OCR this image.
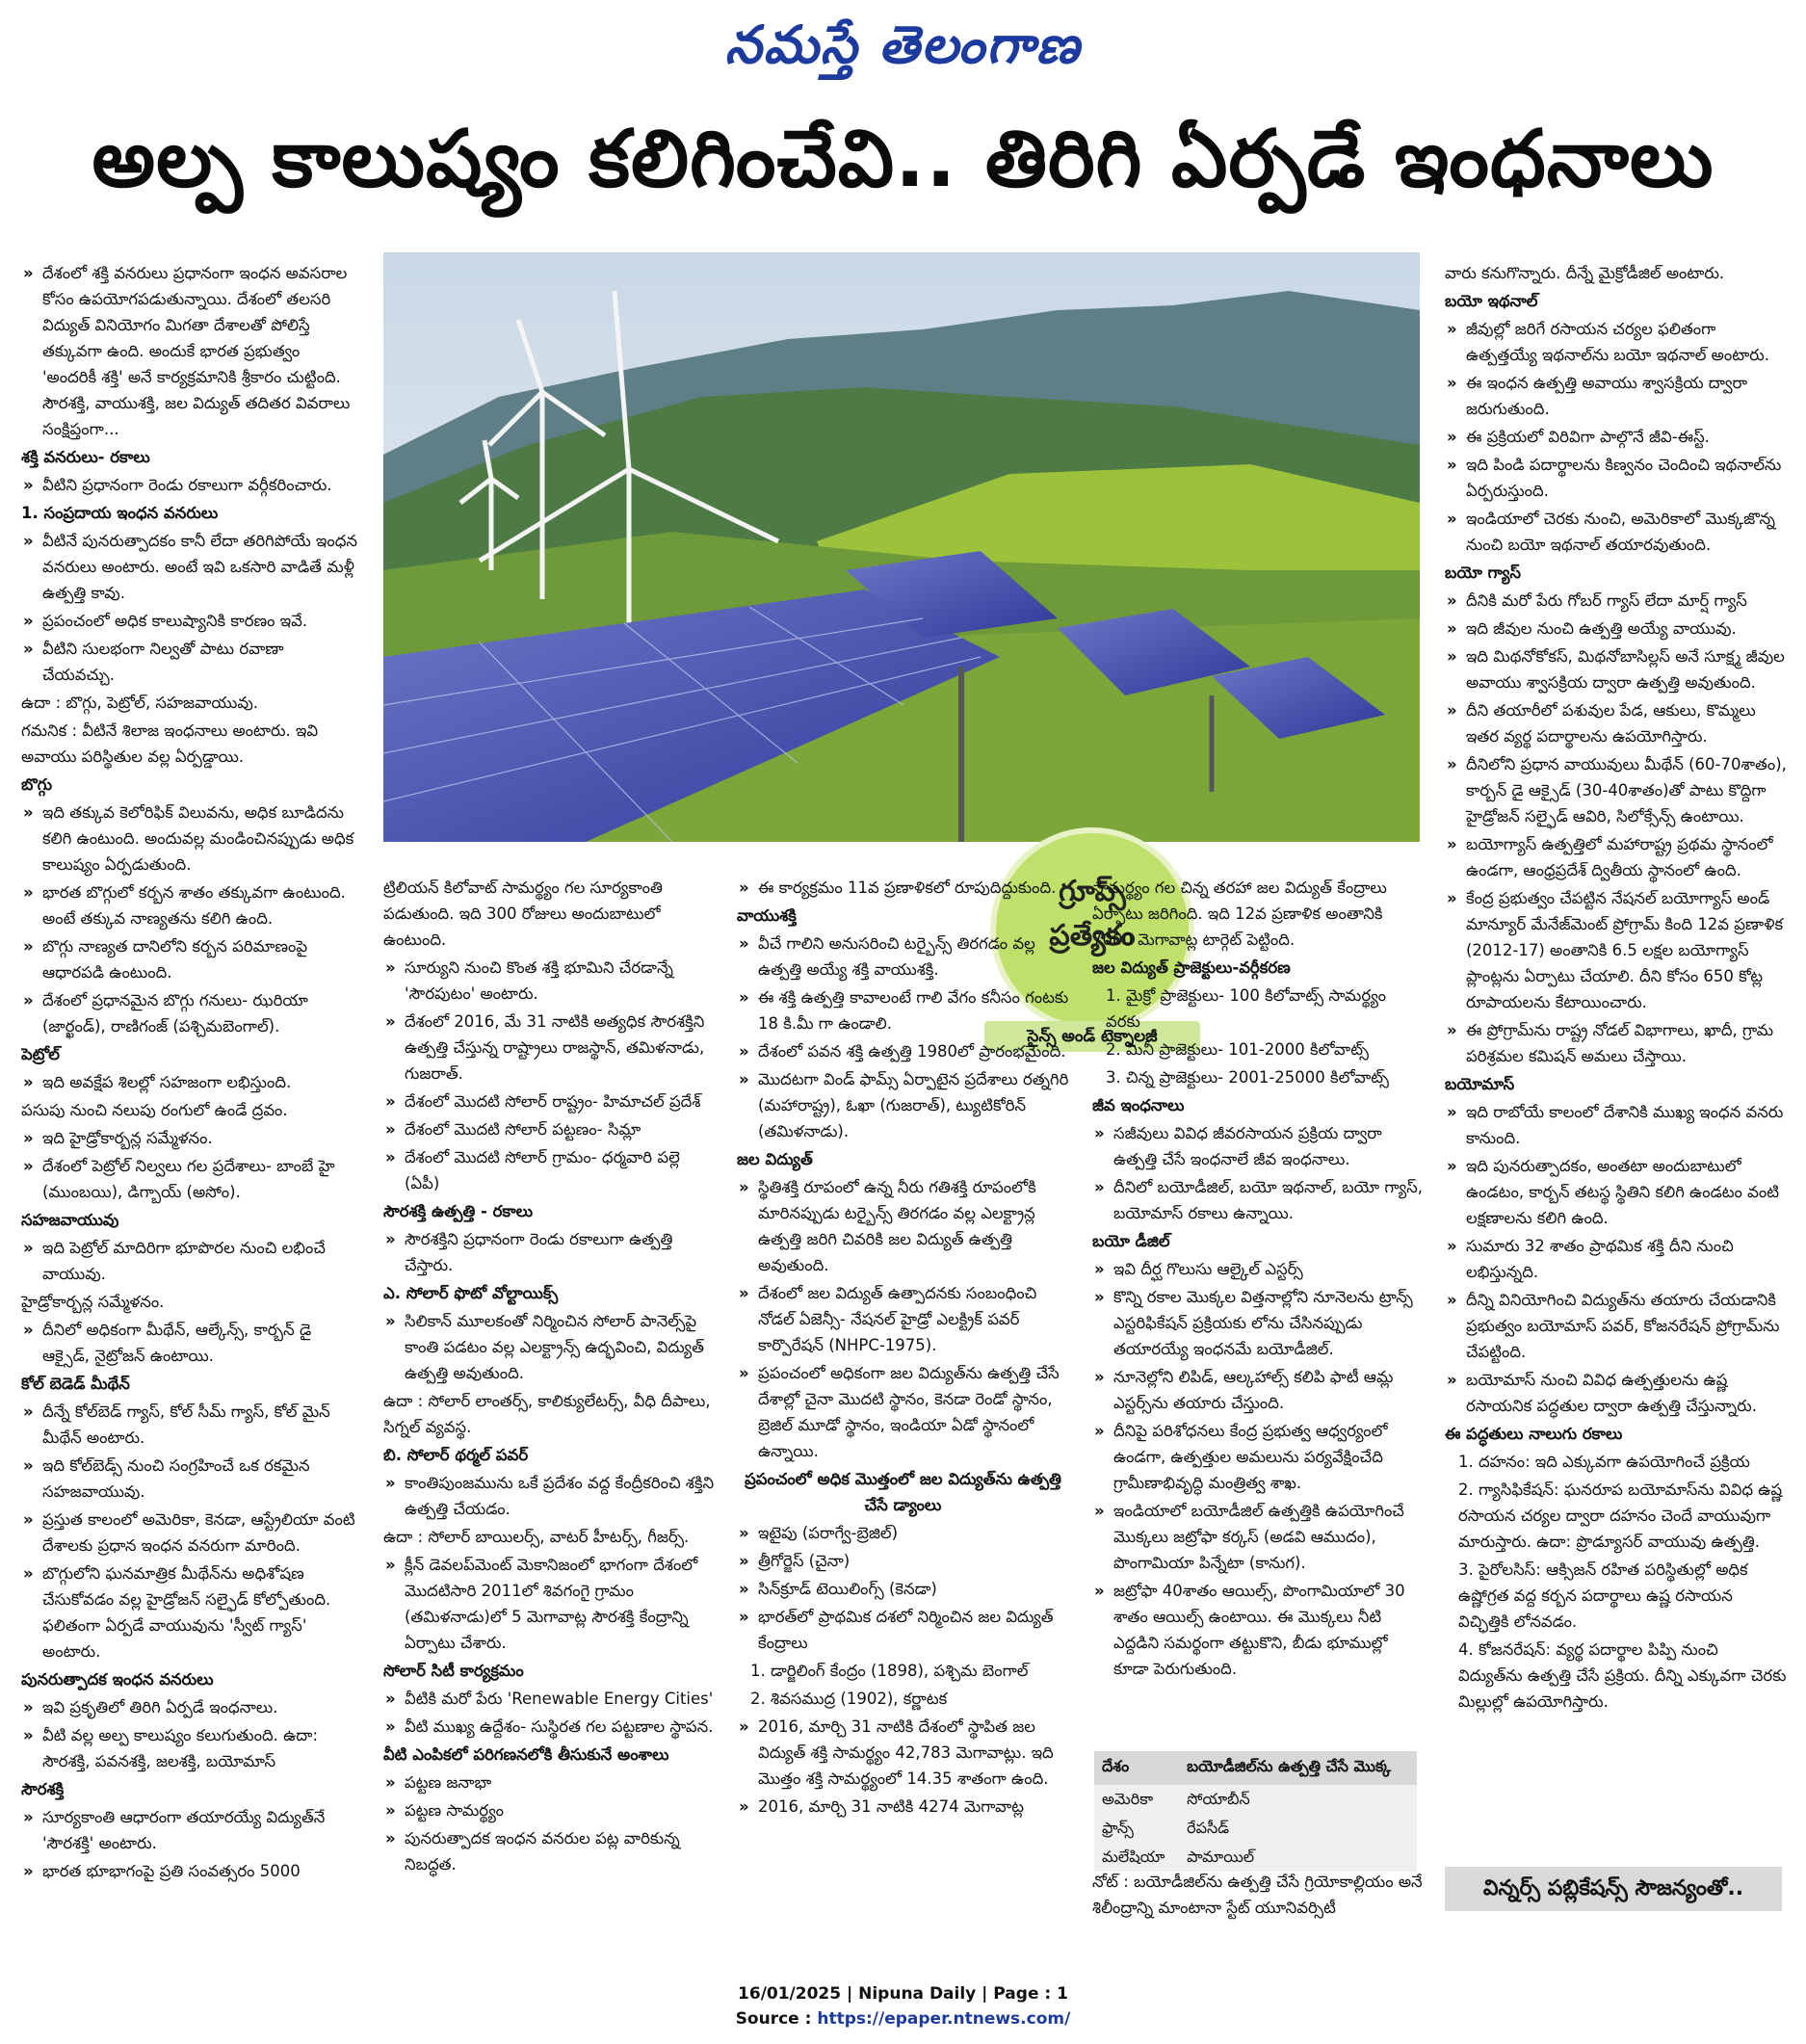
నమస్తే తెలంగాణ
అల్ప కాలుష్యం కలిగించేవి.. తిరిగి ఏర్పడే ఇంధనాలు
గ్రూప్స్
ప్రత్యేకం
సైన్స్ అండ్ టెక్నాలజీ

» దేశంలో శక్తి వనరులు ప్రధానంగా ఇంధన అవసరాల కోసం ఉపయోగపడుతున్నాయి. దేశంలో తలసరి విద్యుత్ వినియోగం మిగతా దేశాలతో పోలిస్తే తక్కువగా ఉంది. అందుకే భారత ప్రభుత్వం 'అందరికీ శక్తి' అనే కార్యక్రమానికి శ్రీకారం చుట్టింది. సౌరశక్తి, వాయుశక్తి, జల విద్యుత్ తదితర వివరాలు సంక్షిప్తంగా...

శక్తి వనరులు- రకాలు

» వీటిని ప్రధానంగా రెండు రకాలుగా వర్గీకరించారు.

1. సంప్రదాయ ఇంధన వనరులు

» వీటినే పునరుత్పాదకం కానీ లేదా తరిగిపోయే ఇంధన వనరులు అంటారు. అంటే ఇవి ఒకసారి వాడితే మళ్లీ ఉత్పత్తి కావు.

» ప్రపంచంలో అధిక కాలుష్యానికి కారణం ఇవే.

» వీటిని సులభంగా నిల్వతో పాటు రవాణా చేయవచ్చు.

ఉదా : బొగ్గు, పెట్రోల్, సహజవాయువు.

గమనిక : వీటినే శిలాజ ఇంధనాలు అంటారు. ఇవి అవాయు పరిస్థితుల వల్ల ఏర్పడ్డాయి.

బొగ్గు

» ఇది తక్కువ కెలోరిఫిక్ విలువను, అధిక బూడిదను కలిగి ఉంటుంది. అందువల్ల మండించినప్పుడు అధిక కాలుష్యం ఏర్పడుతుంది.

» భారత బొగ్గులో కర్బన శాతం తక్కువగా ఉంటుంది. అంటే తక్కువ నాణ్యతను కలిగి ఉంది.

» బొగ్గు నాణ్యత దానిలోని కర్బన పరిమాణంపై ఆధారపడి ఉంటుంది.

» దేశంలో ప్రధానమైన బొగ్గు గనులు- ఝరియా (జార్ఖండ్), రాణిగంజ్ (పశ్చిమబెంగాల్).

పెట్రోల్

» ఇది అవక్షేప శిలల్లో సహజంగా లభిస్తుంది.

పసుపు నుంచి నలుపు రంగులో ఉండే ద్రవం.

» ఇది హైడ్రోకార్బన్ల సమ్మేళనం.

» దేశంలో పెట్రోల్ నిల్వలు గల ప్రదేశాలు- బాంబే హై (ముంబయి), డిగ్బాయ్ (అసోం).

సహజవాయువు

» ఇది పెట్రోల్ మాదిరిగా భూపొరల నుంచి లభించే వాయువు.

హైడ్రోకార్బన్ల సమ్మేళనం.

» దీనిలో అధికంగా మీథేన్, ఆల్కేన్స్, కార్బన్ డై ఆక్సైడ్, నైట్రోజన్ ఉంటాయి.

కోల్ బెడెడ్ మీథేన్

» దీన్నే కోల్‌బెడ్ గ్యాస్, కోల్ సీమ్ గ్యాస్, కోల్ మైన్ మీథేన్ అంటారు.

» ఇది కోల్‌బెడ్స్ నుంచి సంగ్రహించే ఒక రకమైన సహజవాయువు.

» ప్రస్తుత కాలంలో అమెరికా, కెనడా, ఆస్ట్రేలియా వంటి దేశాలకు ప్రధాన ఇంధన వనరుగా మారింది.

» బొగ్గులోని ఘనమాత్రిక మీథేన్‌ను అధిశోషణ చేసుకోవడం వల్ల హైడ్రోజన్ సల్ఫైడ్ కోల్పోతుంది. ఫలితంగా ఏర్పడే వాయువును 'స్వీట్ గ్యాస్' అంటారు.

పునరుత్పాదక ఇంధన వనరులు

» ఇవి ప్రకృతిలో తిరిగి ఏర్పడే ఇంధనాలు.

» వీటి వల్ల అల్ప కాలుష్యం కలుగుతుంది. ఉదా: సౌరశక్తి, పవనశక్తి, జలశక్తి, బయోమాస్

సౌరశక్తి

» సూర్యకాంతి ఆధారంగా తయారయ్యే విద్యుత్‌నే 'సౌరశక్తి' అంటారు.

» భారత భూభాగంపై ప్రతి సంవత్సరం 5000

ట్రిలియన్ కిలోవాట్ సామర్థ్యం గల సూర్యకాంతి పడుతుంది. ఇది 300 రోజులు అందుబాటులో ఉంటుంది.

» సూర్యుని నుంచి కొంత శక్తి భూమిని చేరడాన్నే 'సౌరపుటం' అంటారు.

» దేశంలో 2016, మే 31 నాటికి అత్యధిక సౌరశక్తిని ఉత్పత్తి చేస్తున్న రాష్ట్రాలు రాజస్థాన్, తమిళనాడు, గుజరాత్.

» దేశంలో మొదటి సోలార్ రాష్ట్రం- హిమాచల్ ప్రదేశ్

» దేశంలో మొదటి సోలార్ పట్టణం- సిమ్లా

» దేశంలో మొదటి సోలార్ గ్రామం- ధర్మవారి పల్లె (ఏపీ)

సౌరశక్తి ఉత్పత్తి - రకాలు

» సౌరశక్తిని ప్రధానంగా రెండు రకాలుగా ఉత్పత్తి చేస్తారు.

ఎ. సోలార్ ఫొటో వోల్టాయిక్స్

» సిలికాన్ మూలకంతో నిర్మించిన సోలార్ పానెల్స్‌పై కాంతి పడటం వల్ల ఎలక్ట్రాన్స్ ఉద్భవించి, విద్యుత్ ఉత్పత్తి అవుతుంది.

ఉదా : సోలార్ లాంతర్స్, కాలిక్యులేటర్స్, వీధి దీపాలు, సిగ్నల్ వ్యవస్థ.

బి. సోలార్ థర్మల్ పవర్

» కాంతిపుంజమును ఒకే ప్రదేశం వద్ద కేంద్రీకరించి శక్తిని ఉత్పత్తి చేయడం.

ఉదా : సోలార్ బాయిలర్స్, వాటర్ హీటర్స్, గీజర్స్.

» క్లీన్ డెవలప్‌మెంట్ మెకానిజంలో భాగంగా దేశంలో మొదటిసారి 2011లో శివగంగై గ్రామం (తమిళనాడు)లో 5 మెగావాట్ల సౌరశక్తి కేంద్రాన్ని ఏర్పాటు చేశారు.

సోలార్ సిటీ కార్యక్రమం

» వీటికి మరో పేరు 'Renewable Energy Cities'

» వీటి ముఖ్య ఉద్దేశం- సుస్థిరత గల పట్టణాల స్థాపన.

వీటి ఎంపికలో పరిగణనలోకి తీసుకునే అంశాలు

» పట్టణ జనాభా

» పట్టణ సామర్థ్యం

» పునరుత్పాదక ఇంధన వనరుల పట్ల వారికున్న నిబద్ధత.

» ఈ కార్యక్రమం 11వ ప్రణాళికలో రూపుదిద్దుకుంది.

వాయుశక్తి

» వీచే గాలిని అనుసరించి టర్బైన్స్ తిరగడం వల్ల ఉత్పత్తి అయ్యే శక్తి వాయుశక్తి.

» ఈ శక్తి ఉత్పత్తి కావాలంటే గాలి వేగం కనీసం గంటకు 18 కి.మీ గా ఉండాలి.

» దేశంలో పవన శక్తి ఉత్పత్తి 1980లో ప్రారంభమైంది.

» మొదటగా విండ్ ఫామ్స్ ఏర్పాటైన ప్రదేశాలు రత్నగిరి (మహారాష్ట్ర), ఓఖా (గుజరాత్), ట్యుటికోరిన్ (తమిళనాడు).

జల విద్యుత్

» స్థితిశక్తి రూపంలో ఉన్న నీరు గతిశక్తి రూపంలోకి మారినప్పుడు టర్బైన్స్ తిరగడం వల్ల ఎలక్ట్రాన్ల ఉత్పత్తి జరిగి చివరికి జల విద్యుత్ ఉత్పత్తి అవుతుంది.

» దేశంలో జల విద్యుత్ ఉత్పాదనకు సంబంధించి నోడల్ ఏజెన్సీ- నేషనల్ హైడ్రో ఎలక్ట్రిక్ పవర్ కార్పొరేషన్ (NHPC-1975).

» ప్రపంచంలో అధికంగా జల విద్యుత్‌ను ఉత్పత్తి చేసే దేశాల్లో చైనా మొదటి స్థానం, కెనడా రెండో స్థానం, బ్రెజిల్ మూడో స్థానం, ఇండియా ఏడో స్థానంలో ఉన్నాయి.

ప్రపంచంలో అధిక మొత్తంలో జల విద్యుత్‌ను ఉత్పత్తి చేసే డ్యాంలు

» ఇటైపు (పరాగ్వే-బ్రెజిల్)

» త్రీగోర్జెస్ (చైనా)

» సిన్‌క్రూడ్ టెయిలింగ్స్ (కెనడా)

» భారత్‌లో ప్రాథమిక దశలో నిర్మించిన జల విద్యుత్ కేంద్రాలు

1. డార్జిలింగ్ కేంద్రం (1898), పశ్చిమ బెంగాల్

2. శివసముద్ర (1902), కర్ణాటక

» 2016, మార్చి 31 నాటికి దేశంలో స్థాపిత జల విద్యుత్ శక్తి సామర్థ్యం 42,783 మెగావాట్లు. ఇది మొత్తం శక్తి సామర్థ్యంలో 14.35 శాతంగా ఉంది.

» 2016, మార్చి 31 నాటికి 4274 మెగావాట్ల

సామర్థ్యం గల చిన్న తరహా జల విద్యుత్ కేంద్రాలు ఏర్పాటు జరిగింది. ఇది 12వ ప్రణాళిక అంతానికి 7000 మెగావాట్ల టార్గెట్ పెట్టింది.

జల విద్యుత్ ప్రాజెక్టులు-వర్గీకరణ

1. మైక్రో ప్రాజెక్టులు- 100 కిలోవాట్స్ సామర్థ్యం వరకు

2. మినీ ప్రాజెక్టులు- 101-2000 కిలోవాట్స్

3. చిన్న ప్రాజెక్టులు- 2001-25000 కిలోవాట్స్

జీవ ఇంధనాలు

» సజీవులు వివిధ జీవరసాయన ప్రక్రియ ద్వారా ఉత్పత్తి చేసే ఇంధనాలే జీవ ఇంధనాలు.

» దీనిలో బయోడీజిల్, బయో ఇథనాల్, బయో గ్యాస్, బయోమాస్ రకాలు ఉన్నాయి.

బయో డీజిల్

» ఇవి దీర్ఘ గొలుసు ఆల్కైల్ ఎస్టర్స్

» కొన్ని రకాల మొక్కల విత్తనాల్లోని నూనెలను ట్రాన్స్ ఎస్టరిఫికేషన్ ప్రక్రియకు లోను చేసినప్పుడు తయారయ్యే ఇంధనమే బయోడీజిల్.

» నూనెల్లోని లిపిడ్, ఆల్కహాల్స్ కలిపి ఫాటీ ఆమ్ల ఎస్టర్స్‌ను తయారు చేస్తుంది.

» దీనిపై పరిశోధనలు కేంద్ర ప్రభుత్వ ఆధ్వర్యంలో ఉండగా, ఉత్పత్తుల అమలును పర్యవేక్షించేది గ్రామీణాభివృద్ధి మంత్రిత్వ శాఖ.

» ఇండియాలో బయోడీజిల్ ఉత్పత్తికి ఉపయోగించే మొక్కలు జట్రోఫా కర్కస్ (అడవి ఆముదం), పొంగామియా పిన్నేటా (కానుగ).

» జట్రోఫా 40శాతం ఆయిల్స్, పొంగామియాలో 30 శాతం ఆయిల్స్ ఉంటాయి. ఈ మొక్కలు నీటి ఎద్దడిని సమర్థంగా తట్టుకొని, బీడు భూముల్లో కూడా పెరుగుతుంది.

వారు కనుగొన్నారు. దీన్నే మైక్రోడీజిల్ అంటారు.

బయో ఇథనాల్

» జీవుల్లో జరిగే రసాయన చర్యల ఫలితంగా ఉత్పత్తయ్యే ఇథనాల్‌ను బయో ఇథనాల్ అంటారు.

» ఈ ఇంధన ఉత్పత్తి అవాయు శ్వాసక్రియ ద్వారా జరుగుతుంది.

» ఈ ప్రక్రియలో విరివిగా పాల్గొనే జీవి-ఈస్ట్.

» ఇది పిండి పదార్థాలను కిణ్వనం చెందించి ఇథనాల్‌ను ఏర్పరుస్తుంది.

» ఇండియాలో చెరకు నుంచి, అమెరికాలో మొక్కజొన్న నుంచి బయో ఇథనాల్ తయారవుతుంది.

బయో గ్యాస్

» దీనికి మరో పేరు గోబర్ గ్యాస్ లేదా మార్ష్ గ్యాస్

» ఇది జీవుల నుంచి ఉత్పత్తి అయ్యే వాయువు.

» ఇది మిథనోకోకస్, మిథనోబాసిల్లస్ అనే సూక్ష్మ జీవుల అవాయు శ్వాసక్రియ ద్వారా ఉత్పత్తి అవుతుంది.

» దీని తయారీలో పశువుల పేడ, ఆకులు, కొమ్మలు ఇతర వ్యర్థ పదార్థాలను ఉపయోగిస్తారు.

» దీనిలోని ప్రధాన వాయువులు మీథేన్ (60-70శాతం), కార్బన్ డై ఆక్సైడ్ (30-40శాతం)తో పాటు కొద్దిగా హైడ్రోజన్ సల్ఫైడ్ ఆవిరి, సిలోక్సేన్స్ ఉంటాయి.

» బయోగ్యాస్ ఉత్పత్తిలో మహారాష్ట్ర ప్రథమ స్థానంలో ఉండగా, ఆంధ్రప్రదేశ్ ద్వితీయ స్థానంలో ఉంది.

» కేంద్ర ప్రభుత్వం చేపట్టిన నేషనల్ బయోగ్యాస్ అండ్ మాన్యూర్ మేనేజ్‌మెంట్ ప్రోగ్రామ్ కింది 12వ ప్రణాళిక (2012-17) అంతానికి 6.5 లక్షల బయోగ్యాస్ ప్లాంట్లను ఏర్పాటు చేయాలి. దీని కోసం 650 కోట్ల రూపాయలను కేటాయించారు.

» ఈ ప్రోగ్రామ్‌ను రాష్ట్ర నోడల్ విభాగాలు, ఖాదీ, గ్రామ పరిశ్రమల కమిషన్ అమలు చేస్తాయి.

బయోమాస్

» ఇది రాబోయే కాలంలో దేశానికి ముఖ్య ఇంధన వనరు కానుంది.

» ఇది పునరుత్పాదకం, అంతటా అందుబాటులో ఉండటం, కార్బన్ తటస్థ స్థితిని కలిగి ఉండటం వంటి లక్షణాలను కలిగి ఉంది.

» సుమారు 32 శాతం ప్రాథమిక శక్తి దీని నుంచి లభిస్తున్నది.

» దీన్ని వినియోగించి విద్యుత్‌ను తయారు చేయడానికి ప్రభుత్వం బయోమాస్ పవర్, కోజనరేషన్ ప్రోగ్రామ్‌ను చేపట్టింది.

» బయోమాస్ నుంచి వివిధ ఉత్పత్తులను ఉష్ణ రసాయనిక పద్ధతుల ద్వారా ఉత్పత్తి చేస్తున్నారు.

ఈ పద్ధతులు నాలుగు రకాలు

1. దహనం: ఇది ఎక్కువగా ఉపయోగించే ప్రక్రియ

2. గ్యాసిఫికేషన్: ఘనరూప బయోమాస్‌ను వివిధ ఉష్ణ రసాయన చర్యల ద్వారా దహనం చెందే వాయువుగా మారుస్తారు. ఉదా: ప్రొడ్యూసర్ వాయువు ఉత్పత్తి.

3. పైరోలసిస్: ఆక్సిజన్ రహిత పరిస్థితుల్లో అధిక ఉష్ణోగ్రత వద్ద కర్బన పదార్థాలు ఉష్ణ రసాయన విచ్ఛిత్తికి లోనవడం.

4. కోజనరేషన్: వ్యర్థ పదార్థాల పిప్పి నుంచి విద్యుత్‌ను ఉత్పత్తి చేసే ప్రక్రియ. దీన్ని ఎక్కువగా చెరకు మిల్లుల్లో ఉపయోగిస్తారు.

దేశం	బయోడీజిల్‌ను ఉత్పత్తి చేసే మొక్క
అమెరికా	సోయాబీన్
ఫ్రాన్స్	రేపసీడ్
మలేషియా	పామాయిల్

నోట్ : బయోడీజిల్‌ను ఉత్పత్తి చేసే గ్రియోకాల్లియం అనే శిలీంద్రాన్ని మాంటానా స్టేట్ యూనివర్సిటీ

విన్నర్స్ పబ్లికేషన్స్ సౌజన్యంతో..
16/01/2025 | Nipuna Daily | Page : 1
Source : https://epaper.ntnews.com/
